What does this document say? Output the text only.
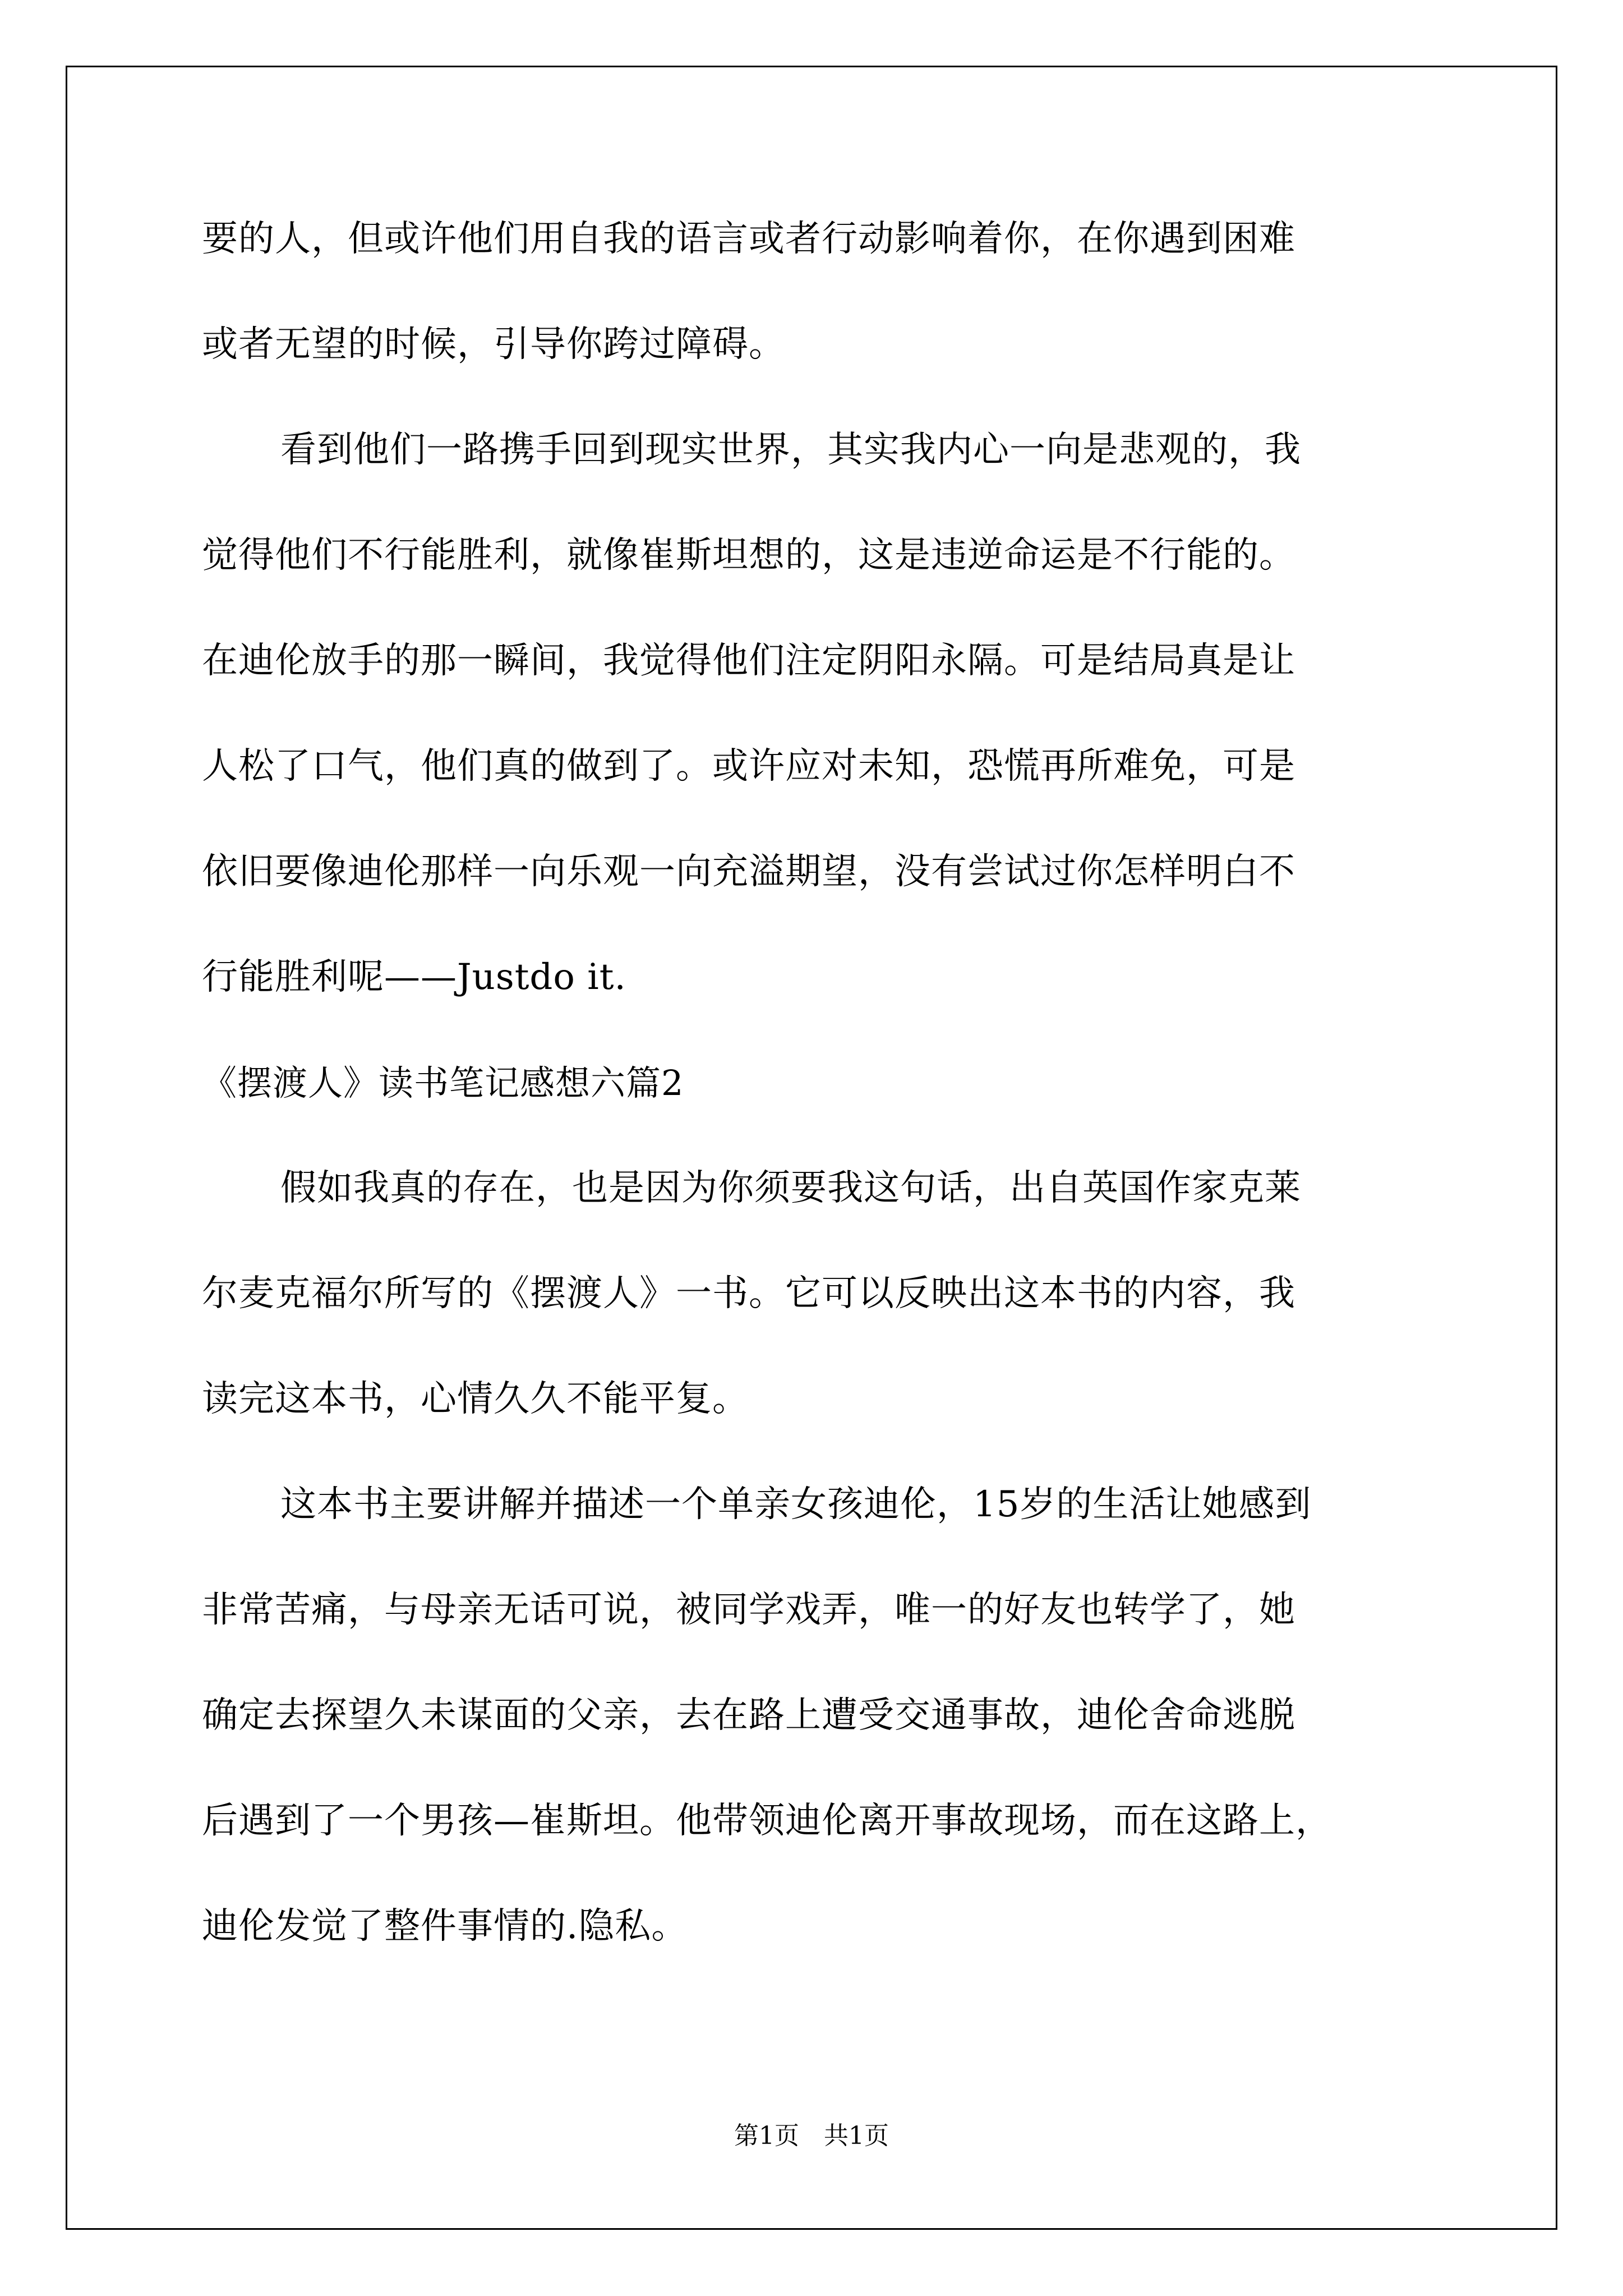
要的人，但或许他们用自我的语言或者行动影响着你，在你遇到困难
或者无望的时候，引导你跨过障碍。
看到他们一路携手回到现实世界，其实我内心一向是悲观的，我
觉得他们不行能胜利，就像崔斯坦想的，这是违逆命运是不行能的。
在迪伦放手的那一瞬间，我觉得他们注定阴阳永隔。可是结局真是让
人松了口气，他们真的做到了。或许应对未知，恐慌再所难免，可是
依旧要像迪伦那样一向乐观一向充溢期望，没有尝试过你怎样明白不
行能胜利呢——Justdo it.
《摆渡人》读书笔记感想六篇2
假如我真的存在，也是因为你须要我这句话，出自英国作家克莱
尔麦克福尔所写的《摆渡人》一书。它可以反映出这本书的内容，我
读完这本书，心情久久不能平复。
这本书主要讲解并描述一个单亲女孩迪伦，15岁的生活让她感到
非常苦痛，与母亲无话可说，被同学戏弄，唯一的好友也转学了，她
确定去探望久未谋面的父亲，去在路上遭受交通事故，迪伦舍命逃脱
后遇到了一个男孩—崔斯坦。他带领迪伦离开事故现场，而在这路上，
迪伦发觉了整件事情的.隐私。
第1页　共1页
